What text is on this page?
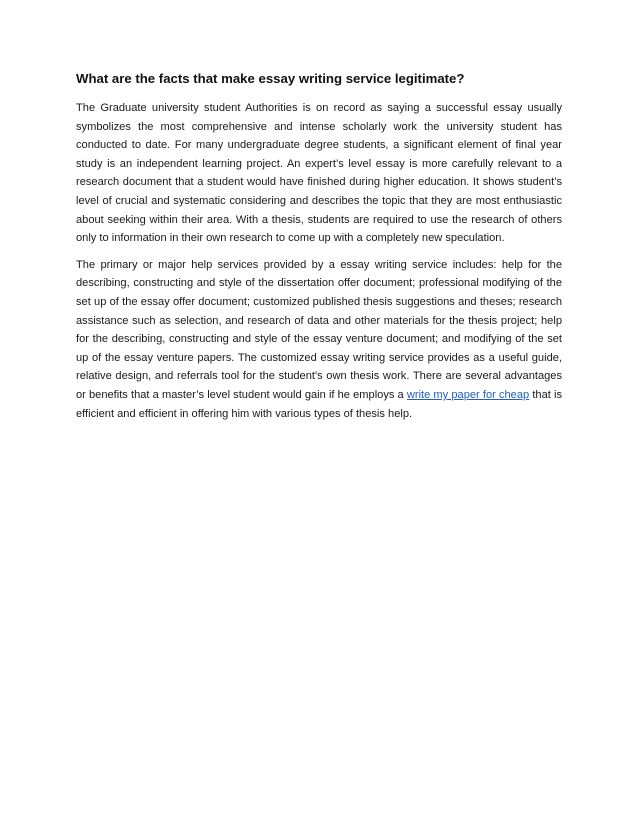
What are the facts that make essay writing service legitimate?

The Graduate university student Authorities is on record as saying a successful essay usually symbolizes the most comprehensive and intense scholarly work the university student has conducted to date. For many undergraduate degree students, a significant element of final year study is an independent learning project. An expert’s level essay is more carefully relevant to a research document that a student would have finished during higher education. It shows student’s level of crucial and systematic considering and describes the topic that they are most enthusiastic about seeking within their area. With a thesis, students are required to use the research of others only to information in their own research to come up with a completely new speculation.

The primary or major help services provided by a essay writing service includes: help for the describing, constructing and style of the dissertation offer document; professional modifying of the set up of the essay offer document; customized published thesis suggestions and theses; research assistance such as selection, and research of data and other materials for the thesis project; help for the describing, constructing and style of the essay venture document; and modifying of the set up of the essay venture papers. The customized essay writing service provides as a useful guide, relative design, and referrals tool for the student's own thesis work. There are several advantages or benefits that a master’s level student would gain if he employs a write my paper for cheap that is efficient and efficient in offering him with various types of thesis help.
